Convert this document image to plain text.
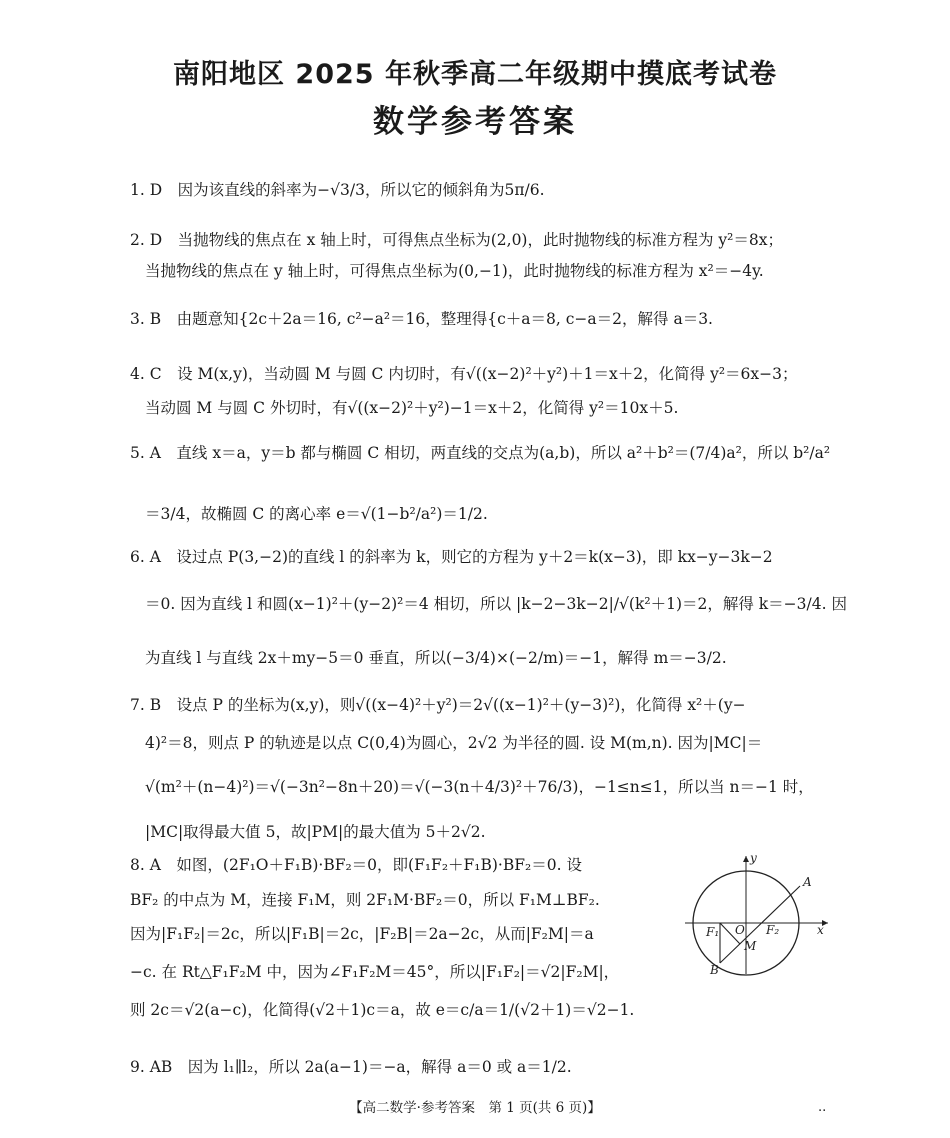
南阳地区 2025 年秋季高二年级期中摸底考试卷
数学参考答案
1. D　因为该直线的斜率为−√3/3，所以它的倾斜角为5π/6.
2. D　当抛物线的焦点在 x 轴上时，可得焦点坐标为(2,0)，此时抛物线的标准方程为 y²＝8x；
当抛物线的焦点在 y 轴上时，可得焦点坐标为(0,−1)，此时抛物线的标准方程为 x²＝−4y.
3. B　由题意知{2c＋2a＝16, c²−a²＝16，整理得{c＋a＝8, c−a＝2，解得 a＝3.
4. C　设 M(x,y)，当动圆 M 与圆 C 内切时，有√((x−2)²＋y²)＋1＝x＋2，化简得 y²＝6x−3；
当动圆 M 与圆 C 外切时，有√((x−2)²＋y²)−1＝x＋2，化简得 y²＝10x＋5.
5. A　直线 x＝a，y＝b 都与椭圆 C 相切，两直线的交点为(a,b)，所以 a²＋b²＝(7/4)a²，所以 b²/a²
＝3/4，故椭圆 C 的离心率 e＝√(1−b²/a²)＝1/2.
6. A　设过点 P(3,−2)的直线 l 的斜率为 k，则它的方程为 y＋2＝k(x−3)，即 kx−y−3k−2
＝0. 因为直线 l 和圆(x−1)²＋(y−2)²＝4 相切，所以 |k−2−3k−2|/√(k²＋1)＝2，解得 k＝−3/4. 因
为直线 l 与直线 2x＋my−5＝0 垂直，所以(−3/4)×(−2/m)＝−1，解得 m＝−3/2.
7. B　设点 P 的坐标为(x,y)，则√((x−4)²＋y²)＝2√((x−1)²＋(y−3)²)，化简得 x²＋(y−
4)²＝8，则点 P 的轨迹是以点 C(0,4)为圆心，2√2 为半径的圆. 设 M(m,n). 因为|MC|＝
√(m²＋(n−4)²)＝√(−3n²−8n＋20)＝√(−3(n＋4/3)²＋76/3)，−1≤n≤1，所以当 n＝−1 时，
|MC|取得最大值 5，故|PM|的最大值为 5＋2√2.
8. A　如图，(2F₁O＋F₁B)·BF₂＝0，即(F₁F₂＋F₁B)·BF₂＝0. 设
BF₂ 的中点为 M，连接 F₁M，则 2F₁M·BF₂＝0，所以 F₁M⊥BF₂.
因为|F₁F₂|＝2c，所以|F₁B|＝2c，|F₂B|＝2a−2c，从而|F₂M|＝a
−c. 在 Rt△F₁F₂M 中，因为∠F₁F₂M＝45°，所以|F₁F₂|＝√2|F₂M|，
则 2c＝√2(a−c)，化简得(√2＋1)c＝a，故 e＝c/a＝1/(√2＋1)＝√2−1.
9. AB　因为 l₁∥l₂，所以 2a(a−1)＝−a，解得 a＝0 或 a＝1/2.
A
y
x
F₁ O F₂
M
B
【高二数学·参考答案　第 1 页(共 6 页)】	..
